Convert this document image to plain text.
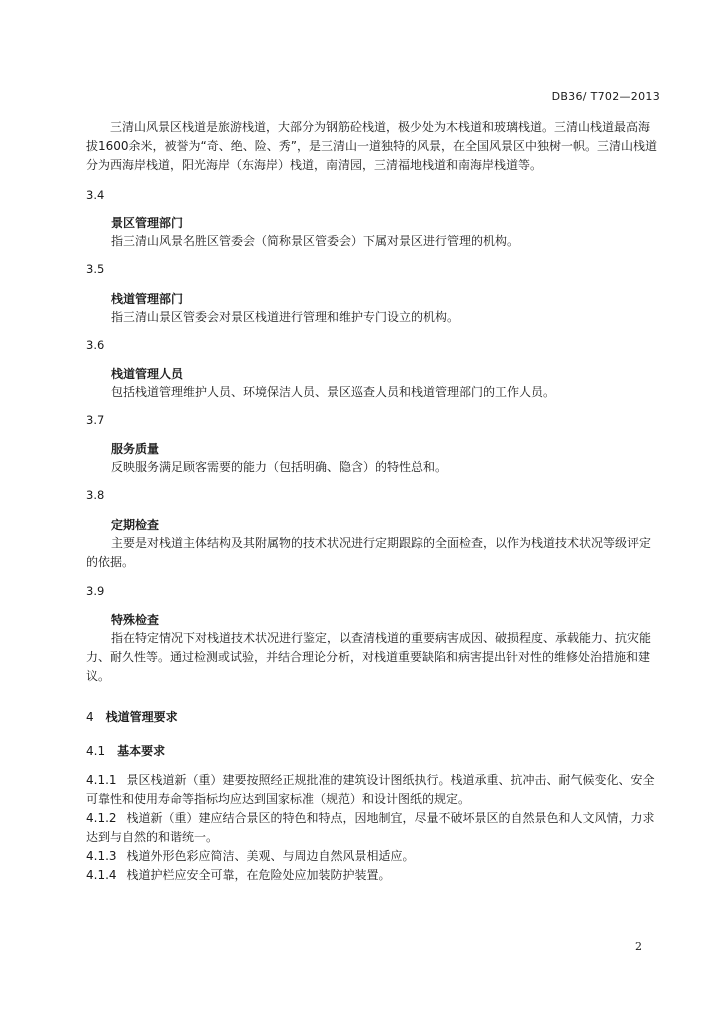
DB36/ T702—2013
三清山风景区栈道是旅游栈道，大部分为钢筋砼栈道，极少处为木栈道和玻璃栈道。三清山栈道最高海拔1600余米，被誉为“奇、绝、险、秀”，是三清山一道独特的风景，在全国风景区中独树一帜。三清山栈道分为西海岸栈道，阳光海岸（东海岸）栈道，南清园，三清福地栈道和南海岸栈道等。
3.4
景区管理部门
指三清山风景名胜区管委会（简称景区管委会）下属对景区进行管理的机构。
3.5
栈道管理部门
指三清山景区管委会对景区栈道进行管理和维护专门设立的机构。
3.6
栈道管理人员
包括栈道管理维护人员、环境保洁人员、景区巡查人员和栈道管理部门的工作人员。
3.7
服务质量
反映服务满足顾客需要的能力（包括明确、隐含）的特性总和。
3.8
定期检查
主要是对栈道主体结构及其附属物的技术状况进行定期跟踪的全面检查，以作为栈道技术状况等级评定的依据。
3.9
特殊检查
指在特定情况下对栈道技术状况进行鉴定，以查清栈道的重要病害成因、破损程度、承载能力、抗灾能力、耐久性等。通过检测或试验，并结合理论分析，对栈道重要缺陷和病害提出针对性的维修处治措施和建议。
4 栈道管理要求
4.1 基本要求
4.1.1 景区栈道新（重）建要按照经正规批准的建筑设计图纸执行。栈道承重、抗冲击、耐气候变化、安全可靠性和使用寿命等指标均应达到国家标准（规范）和设计图纸的规定。
4.1.2 栈道新（重）建应结合景区的特色和特点，因地制宜，尽量不破坏景区的自然景色和人文风情，力求达到与自然的和谐统一。
4.1.3 栈道外形色彩应简洁、美观、与周边自然风景相适应。
4.1.4 栈道护栏应安全可靠，在危险处应加装防护装置。
2
